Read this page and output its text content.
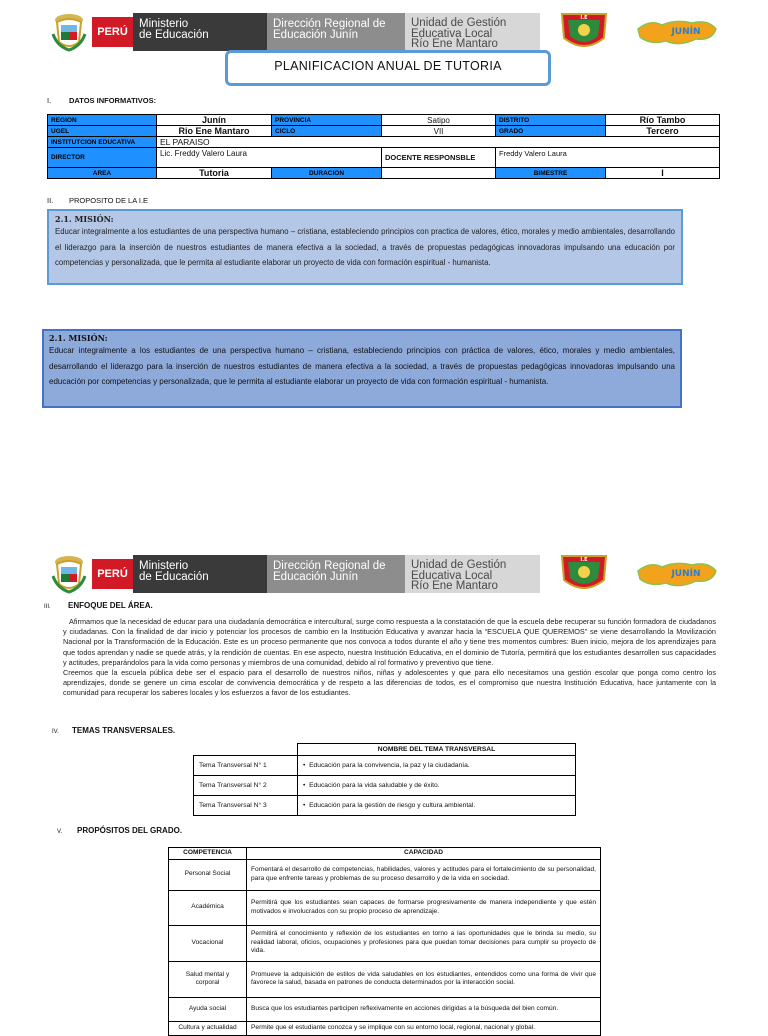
PERÚ
Ministerio
de Educación
Dirección Regional de
Educación Junín
Unidad de Gestión
Educativa Local
Río Ene Mantaro
I.E
JUNÍN
PLANIFICACION ANUAL DE TUTORIA
I. DATOS INFORMATIVOS:
REGION	Junín	PROVINCIA	Satipo	DISTRITO	Río Tambo
UGEL	Rio Ene Mantaro	CICLO	VII	GRADO	Tercero
INSTITUTCION EDUCATIVA	EL PARAISO				
DIRECTOR	Lic. Freddy Valero Laura		DOCENTE RESPONSBLE	Freddy Valero Laura	
AREA	Tutoria	DURACION		BIMESTRE	I
II. PROPOSITO DE LA I.E
2.1. MISIÓN:
Educar integralmente a los estudiantes de una perspectiva humano – cristiana, estableciendo principios con practica de valores, ético, morales y medio ambientales, desarrollando el liderazgo para la inserción de nuestros estudiantes de manera efectiva a la sociedad, a través de propuestas pedagógicas innovadoras impulsando una educación por competencias y personalizada, que le permita al estudiante elaborar un proyecto de vida con formación espiritual - humanista.
2.1. MISIÓN:
Educar integralmente a los estudiantes de una perspectiva humano – cristiana, estableciendo principios con práctica de valores, ético, morales y medio ambientales, desarrollando el liderazgo para la inserción de nuestros estudiantes de manera efectiva a la sociedad, a través de propuestas pedagógicas innovadoras impulsando una educación por competencias y personalizada, que le permita al estudiante elaborar un proyecto de vida con formación espiritual - humanista.
PERÚ
Ministerio
de Educación
Dirección Regional de
Educación Junín
Unidad de Gestión
Educativa Local
Río Ene Mantaro
I.E
JUNÍN
III. ENFOQUE DEL ÁREA.

Afirmamos que la necesidad de educar para una ciudadanía democrática e intercultural, surge como respuesta a la constatación de que la escuela debe recuperar su función formadora de ciudadanos y ciudadanas. Con la finalidad de dar inicio y potenciar los procesos de cambio en la Institución Educativa y avanzar hacia la “ESCUELA QUE QUEREMOS” se viene desarrollando la Movilización Nacional por la Transformación de la Educación. Este es un proceso permanente que nos convoca a todos durante el año y tiene tres momentos cumbres: Buen inicio, mejora de los aprendizajes para que todos aprendan y nadie se quede atrás, y la rendición de cuentas. En ese aspecto, nuestra Institución Educativa, en el dominio de Tutoría, permitirá que los estudiantes desarrollen sus capacidades y actitudes, preparándolos para la vida como personas y miembros de una comunidad, debido al rol formativo y preventivo que tiene.

Creemos que la escuela pública debe ser el espacio para el desarrollo de nuestros niños, niñas y adolescentes y que para ello necesitamos una gestión escolar que ponga como centro los aprendizajes, donde se genere un cima escolar de convivencia democrática y de respeto a las diferencias de todos, es el compromiso que nuestra Institución Educativa, hace juntamente con la comunidad para recuperar los saberes locales y los esfuerzos a favor de los estudiantes.

IV. TEMAS TRANSVERSALES.
	NOMBRE DEL TEMA TRANSVERSAL
Tema Transversal N° 1	•  Educación para la convivencia, la paz y la ciudadanía.
Tema Transversal N° 2	•  Educación para la vida saludable y de éxito.
Tema Transversal N° 3	•  Educación para la gestión de riesgo y cultura ambiental.
V. PROPÓSITOS DEL GRADO.
COMPETENCIA	CAPACIDAD
Personal Social	Fomentará el desarrollo de competencias, habilidades, valores y actitudes para el fortalecimiento de su personalidad, para que enfrente tareas y problemas de su proceso desarrollo y de la vida en sociedad.
Académica	Permitirá que los estudiantes sean capaces de formarse progresivamente de manera independiente y que estén motivados e involucrados con su propio proceso de aprendizaje.
Vocacional	Permitirá el conocimiento y reflexión de los estudiantes en torno a las oportunidades que le brinda su medio, su realidad laboral, oficios, ocupaciones y profesiones para que puedan tomar decisiones para cumplir su proyecto de vida.
Salud mental y corporal	Promueve la adquisición de estilos de vida saludables en los estudiantes, entendidos como una forma de vivir que favorece la salud, basada en patrones de conducta determinados por la interacción social.
Ayuda social	Busca que los estudiantes participen reflexivamente en acciones dirigidas a la búsqueda del bien común.
Cultura y actualidad	Permite que el estudiante conozca y se implique con su entorno local, regional, nacional y global.
